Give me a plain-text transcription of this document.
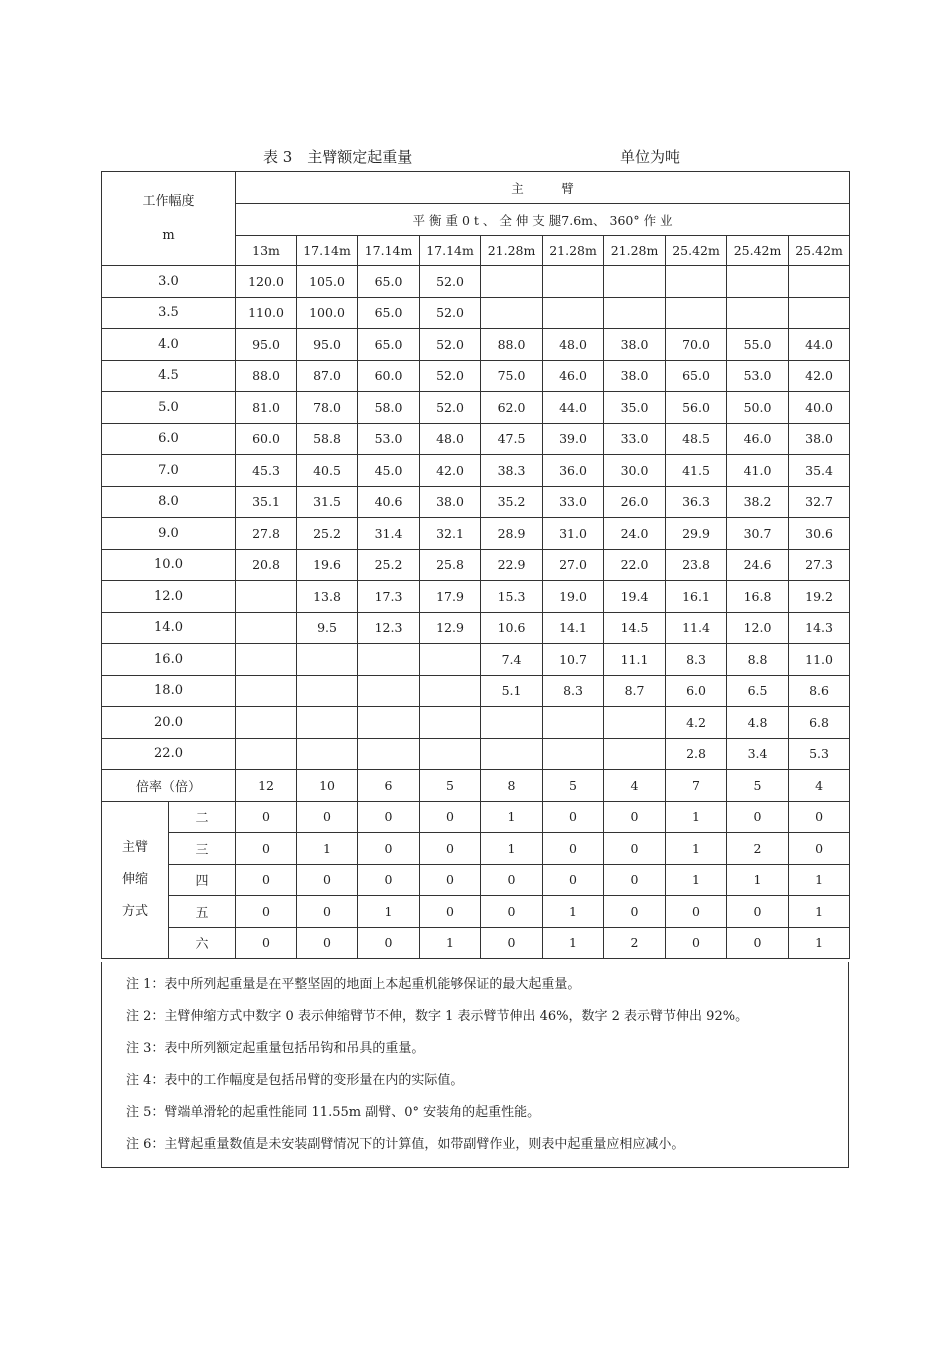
表 3　主臂额定起重量	单位为吨
工作幅度
m		主　　　臂									
		平 衡 重 0 t 、 全 伸 支 腿7.6m、 360° 作 业									
		13m	17.14m	17.14m	17.14m	21.28m	21.28m	21.28m	25.42m	25.42m	25.42m
3.0		120.0	105.0	65.0	52.0						
3.5		110.0	100.0	65.0	52.0						
4.0		95.0	95.0	65.0	52.0	88.0	48.0	38.0	70.0	55.0	44.0
4.5		88.0	87.0	60.0	52.0	75.0	46.0	38.0	65.0	53.0	42.0
5.0		81.0	78.0	58.0	52.0	62.0	44.0	35.0	56.0	50.0	40.0
6.0		60.0	58.8	53.0	48.0	47.5	39.0	33.0	48.5	46.0	38.0
7.0		45.3	40.5	45.0	42.0	38.3	36.0	30.0	41.5	41.0	35.4
8.0		35.1	31.5	40.6	38.0	35.2	33.0	26.0	36.3	38.2	32.7
9.0		27.8	25.2	31.4	32.1	28.9	31.0	24.0	29.9	30.7	30.6
10.0		20.8	19.6	25.2	25.8	22.9	27.0	22.0	23.8	24.6	27.3
12.0			13.8	17.3	17.9	15.3	19.0	19.4	16.1	16.8	19.2
14.0			9.5	12.3	12.9	10.6	14.1	14.5	11.4	12.0	14.3
16.0						7.4	10.7	11.1	8.3	8.8	11.0
18.0						5.1	8.3	8.7	6.0	6.5	8.6
20.0									4.2	4.8	6.8
22.0									2.8	3.4	5.3
倍率（倍）		12	10	6	5	8	5	4	7	5	4
主臂
伸缩
方式	二	0	0	0	0	1	0	0	1	0	0
	三	0	1	0	0	1	0	0	1	2	0
	四	0	0	0	0	0	0	0	1	1	1
	五	0	0	1	0	0	1	0	0	0	1
	六	0	0	0	1	0	1	2	0	0	1
注 1：表中所列起重量是在平整坚固的地面上本起重机能够保证的最大起重量。
注 2：主臂伸缩方式中数字 0 表示伸缩臂节不伸，数字 1 表示臂节伸出 46%，数字 2 表示臂节伸出 92%。
注 3：表中所列额定起重量包括吊钩和吊具的重量。
注 4：表中的工作幅度是包括吊臂的变形量在内的实际值。
注 5：臂端单滑轮的起重性能同 11.55m 副臂、0° 安装角的起重性能。
注 6：主臂起重量数值是未安装副臂情况下的计算值，如带副臂作业，则表中起重量应相应减小。
